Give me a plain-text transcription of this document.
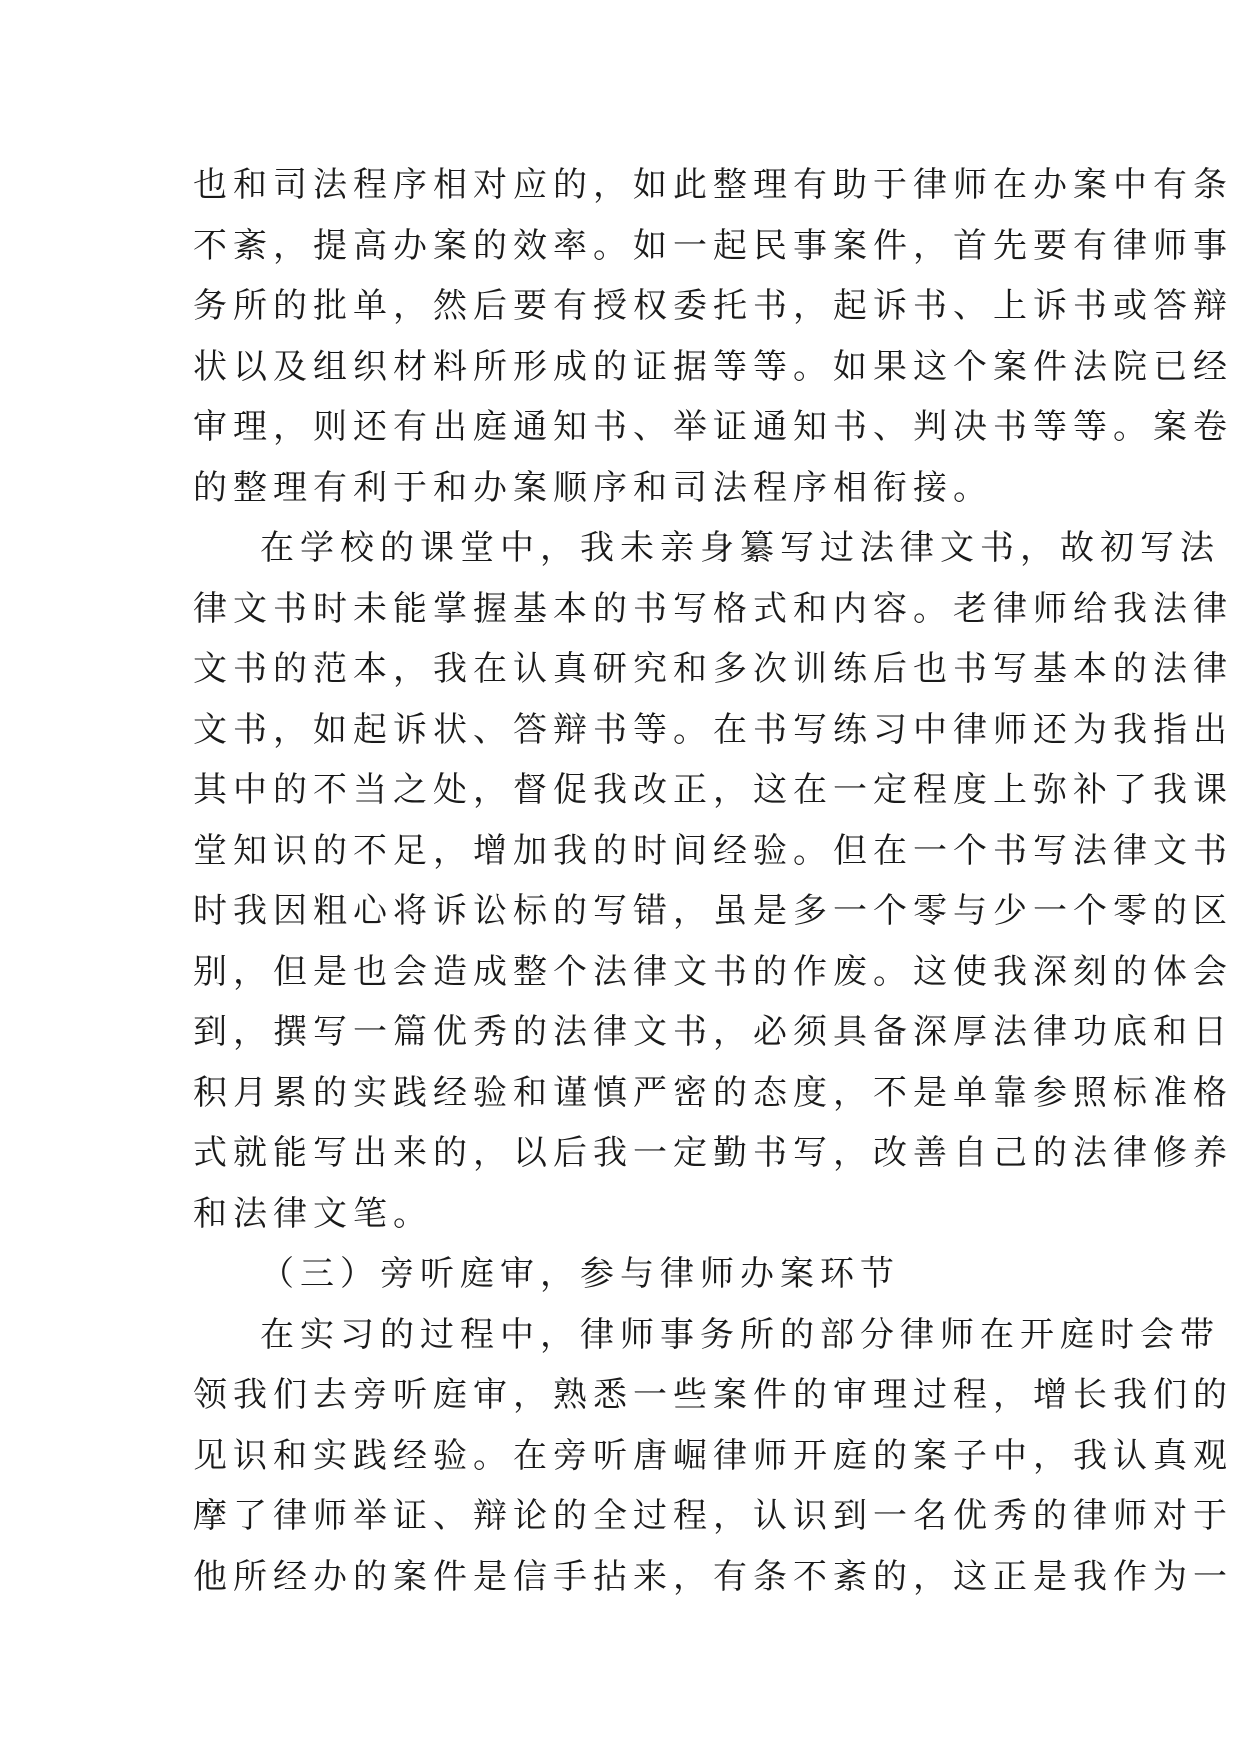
也和司法程序相对应的，如此整理有助于律师在办案中有条
不紊，提高办案的效率。如一起民事案件，首先要有律师事
务所的批单，然后要有授权委托书，起诉书、上诉书或答辩
状以及组织材料所形成的证据等等。如果这个案件法院已经
审理，则还有出庭通知书、举证通知书、判决书等等。案卷
的整理有利于和办案顺序和司法程序相衔接。
在学校的课堂中，我未亲身纂写过法律文书，故初写法
律文书时未能掌握基本的书写格式和内容。老律师给我法律
文书的范本，我在认真研究和多次训练后也书写基本的法律
文书，如起诉状、答辩书等。在书写练习中律师还为我指出
其中的不当之处，督促我改正，这在一定程度上弥补了我课
堂知识的不足，增加我的时间经验。但在一个书写法律文书
时我因粗心将诉讼标的写错，虽是多一个零与少一个零的区
别，但是也会造成整个法律文书的作废。这使我深刻的体会
到，撰写一篇优秀的法律文书，必须具备深厚法律功底和日
积月累的实践经验和谨慎严密的态度，不是单靠参照标准格
式就能写出来的，以后我一定勤书写，改善自己的法律修养
和法律文笔。
（三）旁听庭审，参与律师办案环节
在实习的过程中，律师事务所的部分律师在开庭时会带
领我们去旁听庭审，熟悉一些案件的审理过程，增长我们的
见识和实践经验。在旁听唐崛律师开庭的案子中，我认真观
摩了律师举证、辩论的全过程，认识到一名优秀的律师对于
他所经办的案件是信手拈来，有条不紊的，这正是我作为一
